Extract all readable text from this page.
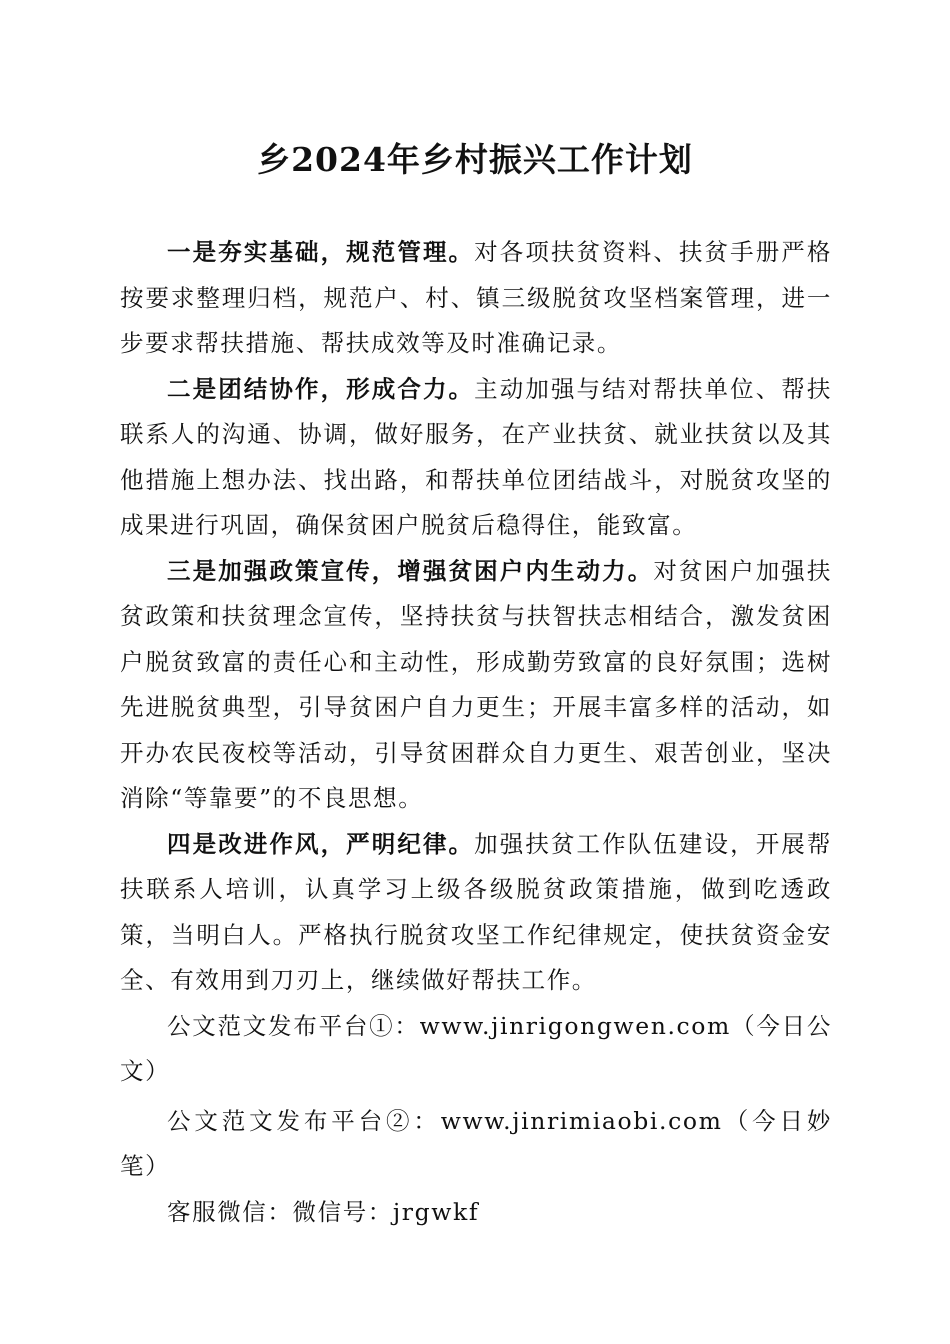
乡2024年乡村振兴工作计划

一是夯实基础，规范管理。对各项扶贫资料、扶贫手册严格按要求整理归档，规范户、村、镇三级脱贫攻坚档案管理，进一步要求帮扶措施、帮扶成效等及时准确记录。

二是团结协作，形成合力。主动加强与结对帮扶单位、帮扶联系人的沟通、协调，做好服务，在产业扶贫、就业扶贫以及其他措施上想办法、找出路，和帮扶单位团结战斗，对脱贫攻坚的成果进行巩固，确保贫困户脱贫后稳得住，能致富。

三是加强政策宣传，增强贫困户内生动力。对贫困户加强扶贫政策和扶贫理念宣传，坚持扶贫与扶智扶志相结合，激发贫困户脱贫致富的责任心和主动性，形成勤劳致富的良好氛围；选树先进脱贫典型，引导贫困户自力更生；开展丰富多样的活动，如开办农民夜校等活动，引导贫困群众自力更生、艰苦创业，坚决消除“等靠要”的不良思想。

四是改进作风，严明纪律。加强扶贫工作队伍建设，开展帮扶联系人培训，认真学习上级各级脱贫政策措施，做到吃透政策，当明白人。严格执行脱贫攻坚工作纪律规定，使扶贫资金安全、有效用到刀刃上，继续做好帮扶工作。

公文范文发布平台①：www.jinrigongwen.com（今日公文）

公文范文发布平台②：www.jinrimiaobi.com（今日妙笔）

客服微信：微信号：jrgwkf
